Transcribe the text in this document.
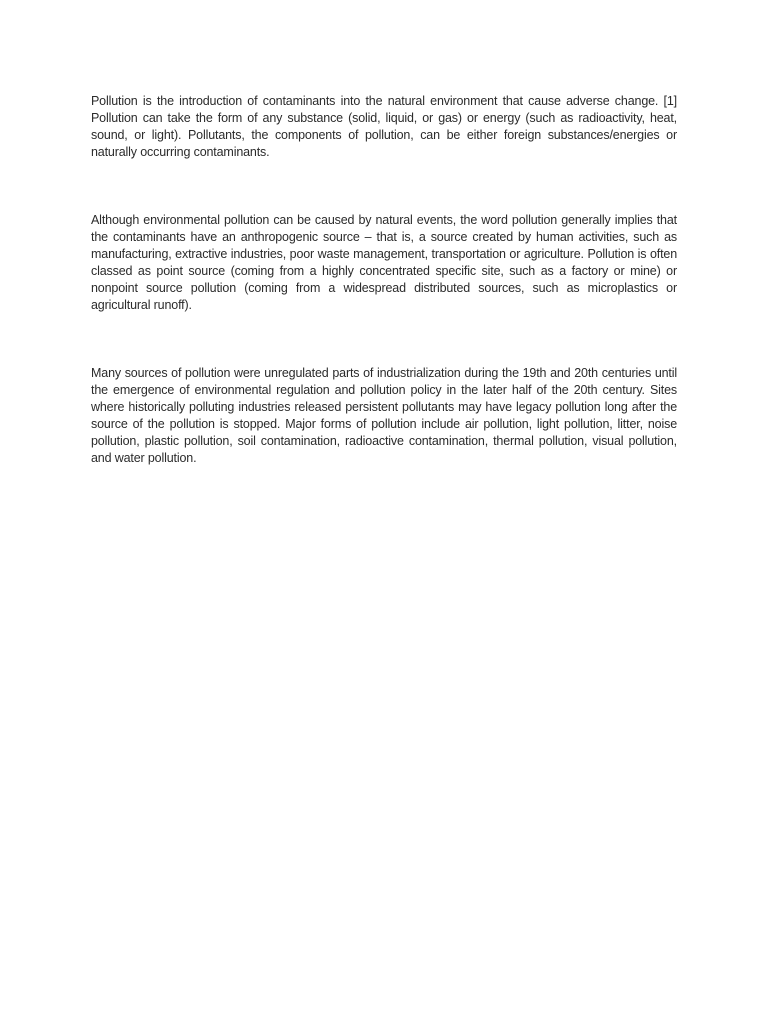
Pollution is the introduction of contaminants into the natural environment that cause adverse change. [1] Pollution can take the form of any substance (solid, liquid, or gas) or energy (such as radioactivity, heat, sound, or light). Pollutants, the components of pollution, can be either foreign substances/energies or naturally occurring contaminants.

Although environmental pollution can be caused by natural events, the word pollution generally implies that the contaminants have an anthropogenic source – that is, a source created by human activities, such as manufacturing, extractive industries, poor waste management, transportation or agriculture. Pollution is often classed as point source (coming from a highly concentrated specific site, such as a factory or mine) or nonpoint source pollution (coming from a widespread distributed sources, such as microplastics or agricultural runoff).

Many sources of pollution were unregulated parts of industrialization during the 19th and 20th centuries until the emergence of environmental regulation and pollution policy in the later half of the 20th century. Sites where historically polluting industries released persistent pollutants may have legacy pollution long after the source of the pollution is stopped. Major forms of pollution include air pollution, light pollution, litter, noise pollution, plastic pollution, soil contamination, radioactive contamination, thermal pollution, visual pollution, and water pollution.
